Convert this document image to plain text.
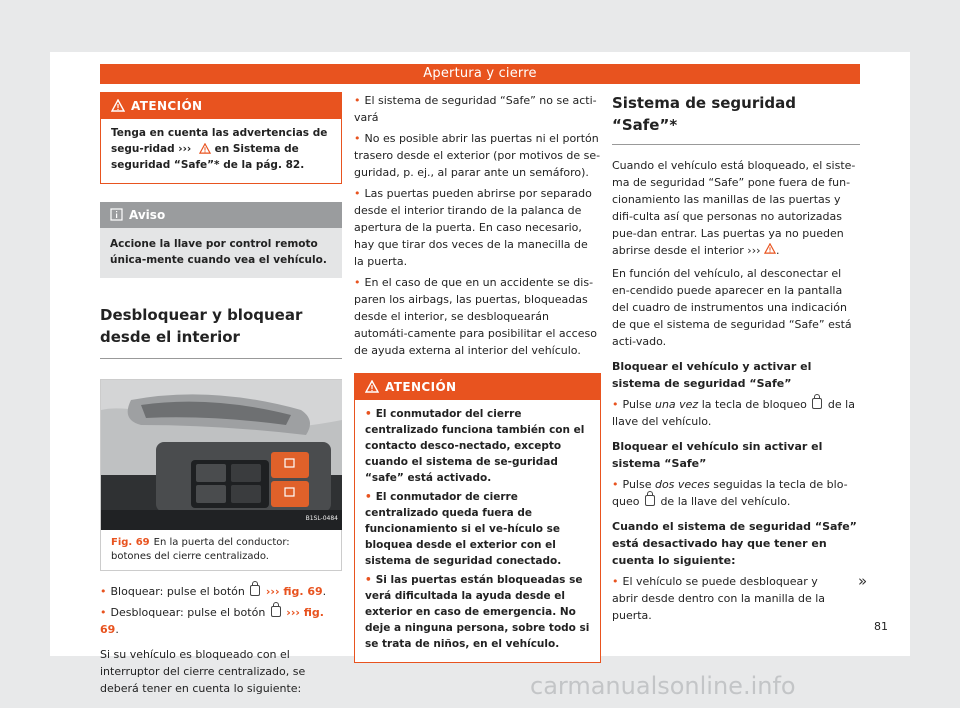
Apertura y cierre
ATENCIÓN
Tenga en cuenta las advertencias de segu-ridad ›››  en Sistema de seguridad “Safe”* de la pág. 82.
Aviso
Accione la llave por control remoto única-mente cuando vea el vehículo.
Desbloquear y bloquear desde el interior
B1SL-0484
Fig. 69 En la puerta del conductor: botones del cierre centralizado.

• Bloquear: pulse el botón ››› fig. 69.

• Desbloquear: pulse el botón ››› fig. 69.

Si su vehículo es bloqueado con el interruptor del cierre centralizado, se deberá tener en cuenta lo siguiente:

• El sistema de seguridad “Safe” no se acti-vará

• No es posible abrir las puertas ni el portón trasero desde el exterior (por motivos de se-guridad, p. ej., al parar ante un semáforo).

• Las puertas pueden abrirse por separado desde el interior tirando de la palanca de apertura de la puerta. En caso necesario, hay que tirar dos veces de la manecilla de la puerta.

• En el caso de que en un accidente se dis-paren los airbags, las puertas, bloqueadas desde el interior, se desbloquearán automáti-camente para posibilitar el acceso de ayuda externa al interior del vehículo.

ATENCIÓN

• El conmutador del cierre centralizado funciona también con el contacto desco-nectado, excepto cuando el sistema de se-guridad “safe” está activado.

• El conmutador de cierre centralizado queda fuera de funcionamiento si el ve-hículo se bloquea desde el exterior con el sistema de seguridad conectado.

• Si las puertas están bloqueadas se verá dificultada la ayuda desde el exterior en caso de emergencia. No deje a ninguna persona, sobre todo si se trata de niños, en el vehículo.

Sistema de seguridad “Safe”*

Cuando el vehículo está bloqueado, el siste-ma de seguridad “Safe” pone fuera de fun-cionamiento las manillas de las puertas y difi-culta así que personas no autorizadas pue-dan entrar. Las puertas ya no pueden abrirse desde el interior ››› .

En función del vehículo, al desconectar el en-cendido puede aparecer en la pantalla del cuadro de instrumentos una indicación de que el sistema de seguridad “Safe” está acti-vado.

Bloquear el vehículo y activar el sistema de seguridad “Safe”

• Pulse una vez la tecla de bloqueo  de la llave del vehículo.

Bloquear el vehículo sin activar el sistema “Safe”

• Pulse dos veces seguidas la tecla de blo-queo  de la llave del vehículo.

Cuando el sistema de seguridad “Safe” está desactivado hay que tener en cuenta lo siguiente:

• El vehículo se puede desbloquear y abrir desde dentro con la manilla de la puerta.

»
81
carmanualsonline.info
